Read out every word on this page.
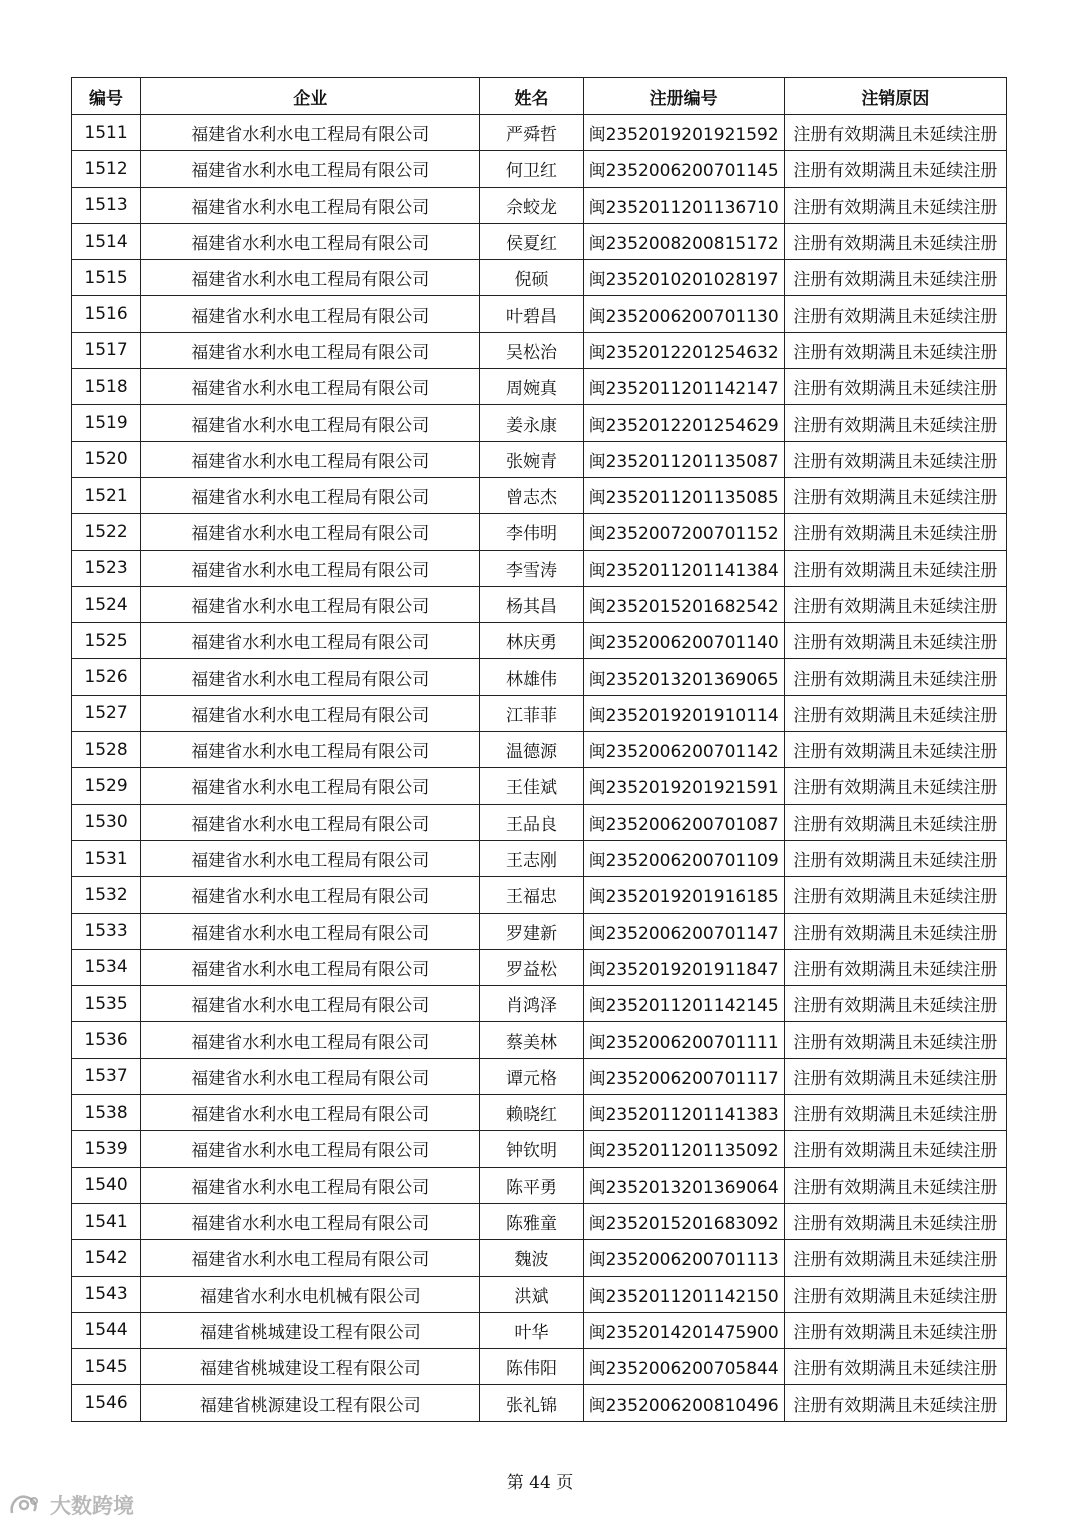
编号	企业	姓名	注册编号	注销原因
1511	福建省水利水电工程局有限公司	严舜哲	闽2352019201921592	注册有效期满且未延续注册
1512	福建省水利水电工程局有限公司	何卫红	闽2352006200701145	注册有效期满且未延续注册
1513	福建省水利水电工程局有限公司	佘蛟龙	闽2352011201136710	注册有效期满且未延续注册
1514	福建省水利水电工程局有限公司	侯夏红	闽2352008200815172	注册有效期满且未延续注册
1515	福建省水利水电工程局有限公司	倪硕	闽2352010201028197	注册有效期满且未延续注册
1516	福建省水利水电工程局有限公司	叶碧昌	闽2352006200701130	注册有效期满且未延续注册
1517	福建省水利水电工程局有限公司	吴松治	闽2352012201254632	注册有效期满且未延续注册
1518	福建省水利水电工程局有限公司	周婉真	闽2352011201142147	注册有效期满且未延续注册
1519	福建省水利水电工程局有限公司	姜永康	闽2352012201254629	注册有效期满且未延续注册
1520	福建省水利水电工程局有限公司	张婉青	闽2352011201135087	注册有效期满且未延续注册
1521	福建省水利水电工程局有限公司	曾志杰	闽2352011201135085	注册有效期满且未延续注册
1522	福建省水利水电工程局有限公司	李伟明	闽2352007200701152	注册有效期满且未延续注册
1523	福建省水利水电工程局有限公司	李雪涛	闽2352011201141384	注册有效期满且未延续注册
1524	福建省水利水电工程局有限公司	杨其昌	闽2352015201682542	注册有效期满且未延续注册
1525	福建省水利水电工程局有限公司	林庆勇	闽2352006200701140	注册有效期满且未延续注册
1526	福建省水利水电工程局有限公司	林雄伟	闽2352013201369065	注册有效期满且未延续注册
1527	福建省水利水电工程局有限公司	江菲菲	闽2352019201910114	注册有效期满且未延续注册
1528	福建省水利水电工程局有限公司	温德源	闽2352006200701142	注册有效期满且未延续注册
1529	福建省水利水电工程局有限公司	王佳斌	闽2352019201921591	注册有效期满且未延续注册
1530	福建省水利水电工程局有限公司	王品良	闽2352006200701087	注册有效期满且未延续注册
1531	福建省水利水电工程局有限公司	王志刚	闽2352006200701109	注册有效期满且未延续注册
1532	福建省水利水电工程局有限公司	王福忠	闽2352019201916185	注册有效期满且未延续注册
1533	福建省水利水电工程局有限公司	罗建新	闽2352006200701147	注册有效期满且未延续注册
1534	福建省水利水电工程局有限公司	罗益松	闽2352019201911847	注册有效期满且未延续注册
1535	福建省水利水电工程局有限公司	肖鸿泽	闽2352011201142145	注册有效期满且未延续注册
1536	福建省水利水电工程局有限公司	蔡美林	闽2352006200701111	注册有效期满且未延续注册
1537	福建省水利水电工程局有限公司	谭元格	闽2352006200701117	注册有效期满且未延续注册
1538	福建省水利水电工程局有限公司	赖晓红	闽2352011201141383	注册有效期满且未延续注册
1539	福建省水利水电工程局有限公司	钟钦明	闽2352011201135092	注册有效期满且未延续注册
1540	福建省水利水电工程局有限公司	陈平勇	闽2352013201369064	注册有效期满且未延续注册
1541	福建省水利水电工程局有限公司	陈雅童	闽2352015201683092	注册有效期满且未延续注册
1542	福建省水利水电工程局有限公司	魏波	闽2352006200701113	注册有效期满且未延续注册
1543	福建省水利水电机械有限公司	洪斌	闽2352011201142150	注册有效期满且未延续注册
1544	福建省桃城建设工程有限公司	叶华	闽2352014201475900	注册有效期满且未延续注册
1545	福建省桃城建设工程有限公司	陈伟阳	闽2352006200705844	注册有效期满且未延续注册
1546	福建省桃源建设工程有限公司	张礼锦	闽2352006200810496	注册有效期满且未延续注册
第 44 页
大数跨境
